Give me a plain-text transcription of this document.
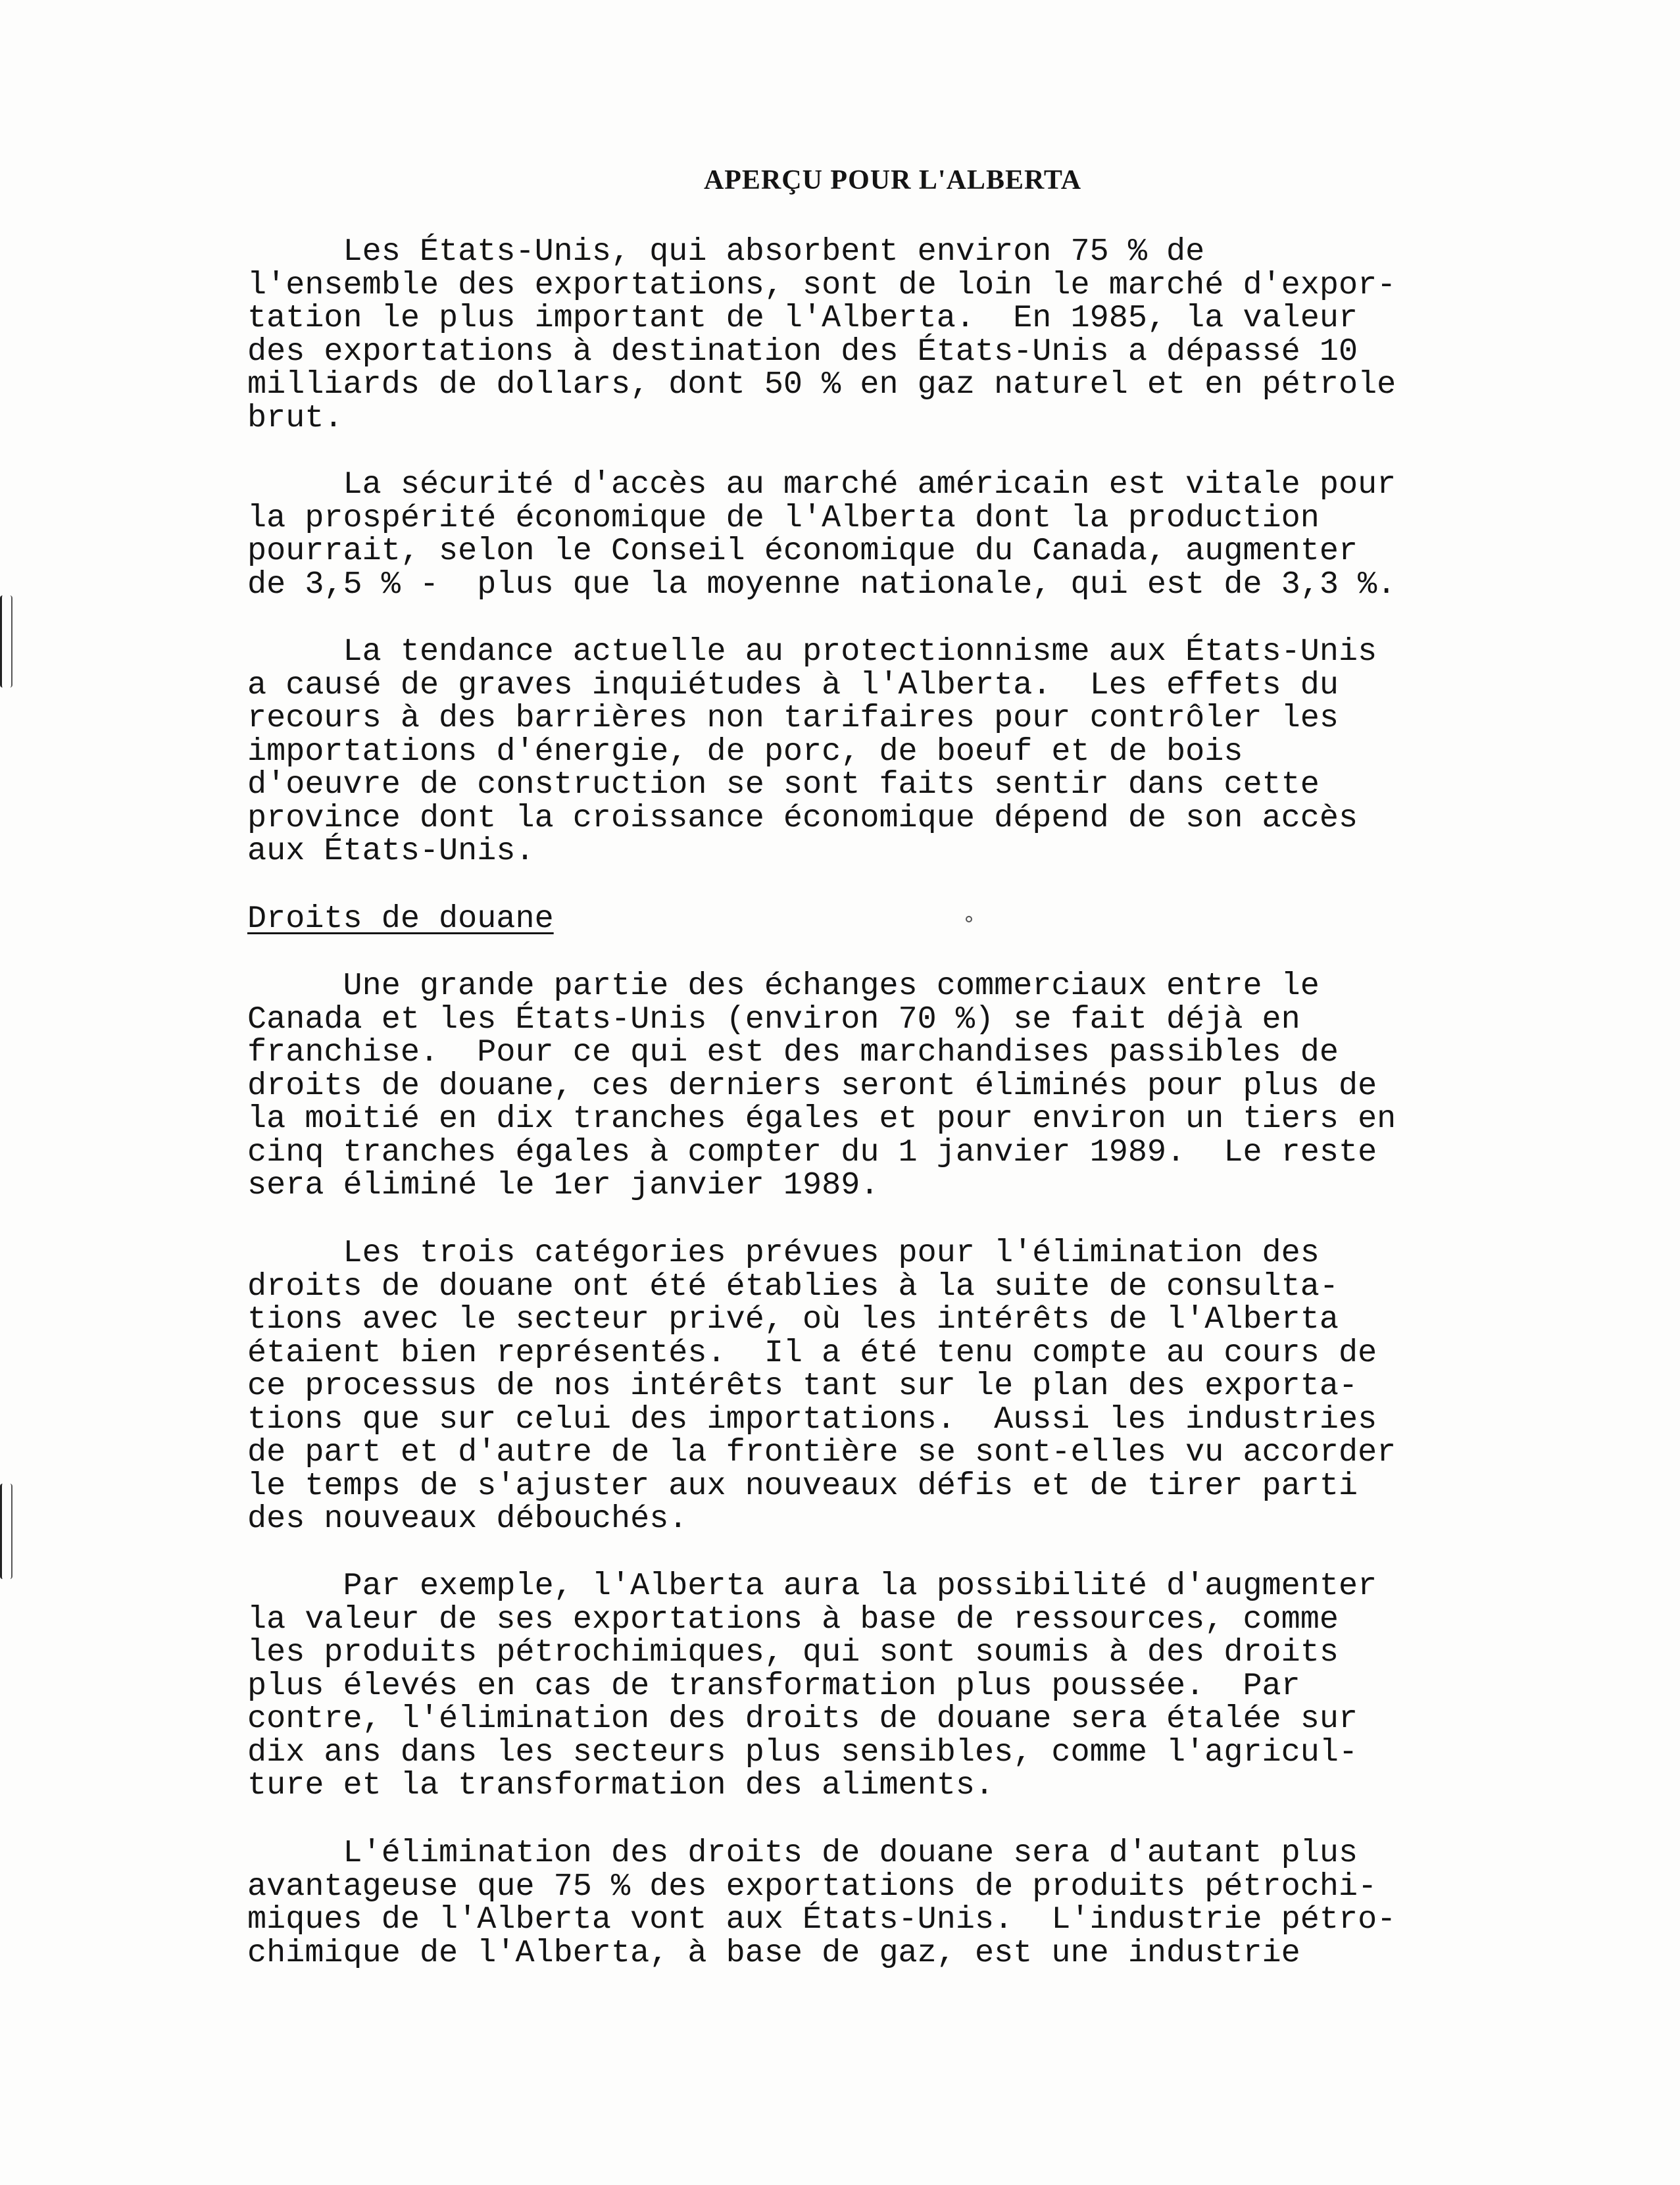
APERÇU POUR L'ALBERTA
Les États-Unis, qui absorbent environ 75 % de
l'ensemble des exportations, sont de loin le marché d'expor-
tation le plus important de l'Alberta.  En 1985, la valeur
des exportations à destination des États-Unis a dépassé 10
milliards de dollars, dont 50 % en gaz naturel et en pétrole
brut.
La sécurité d'accès au marché américain est vitale pour
la prospérité économique de l'Alberta dont la production
pourrait, selon le Conseil économique du Canada, augmenter
de 3,5 % -  plus que la moyenne nationale, qui est de 3,3 %.
La tendance actuelle au protectionnisme aux États-Unis
a causé de graves inquiétudes à l'Alberta.  Les effets du
recours à des barrières non tarifaires pour contrôler les
importations d'énergie, de porc, de boeuf et de bois
d'oeuvre de construction se sont faits sentir dans cette
province dont la croissance économique dépend de son accès
aux États-Unis.
Droits de douane
Une grande partie des échanges commerciaux entre le
Canada et les États-Unis (environ 70 %) se fait déjà en
franchise.  Pour ce qui est des marchandises passibles de
droits de douane, ces derniers seront éliminés pour plus de
la moitié en dix tranches égales et pour environ un tiers en
cinq tranches égales à compter du 1 janvier 1989.  Le reste
sera éliminé le 1er janvier 1989.
Les trois catégories prévues pour l'élimination des
droits de douane ont été établies à la suite de consulta-
tions avec le secteur privé, où les intérêts de l'Alberta
étaient bien représentés.  Il a été tenu compte au cours de
ce processus de nos intérêts tant sur le plan des exporta-
tions que sur celui des importations.  Aussi les industries
de part et d'autre de la frontière se sont-elles vu accorder
le temps de s'ajuster aux nouveaux défis et de tirer parti
des nouveaux débouchés.
Par exemple, l'Alberta aura la possibilité d'augmenter
la valeur de ses exportations à base de ressources, comme
les produits pétrochimiques, qui sont soumis à des droits
plus élevés en cas de transformation plus poussée.  Par
contre, l'élimination des droits de douane sera étalée sur
dix ans dans les secteurs plus sensibles, comme l'agricul-
ture et la transformation des aliments.
L'élimination des droits de douane sera d'autant plus
avantageuse que 75 % des exportations de produits pétrochi-
miques de l'Alberta vont aux États-Unis.  L'industrie pétro-
chimique de l'Alberta, à base de gaz, est une industrie
